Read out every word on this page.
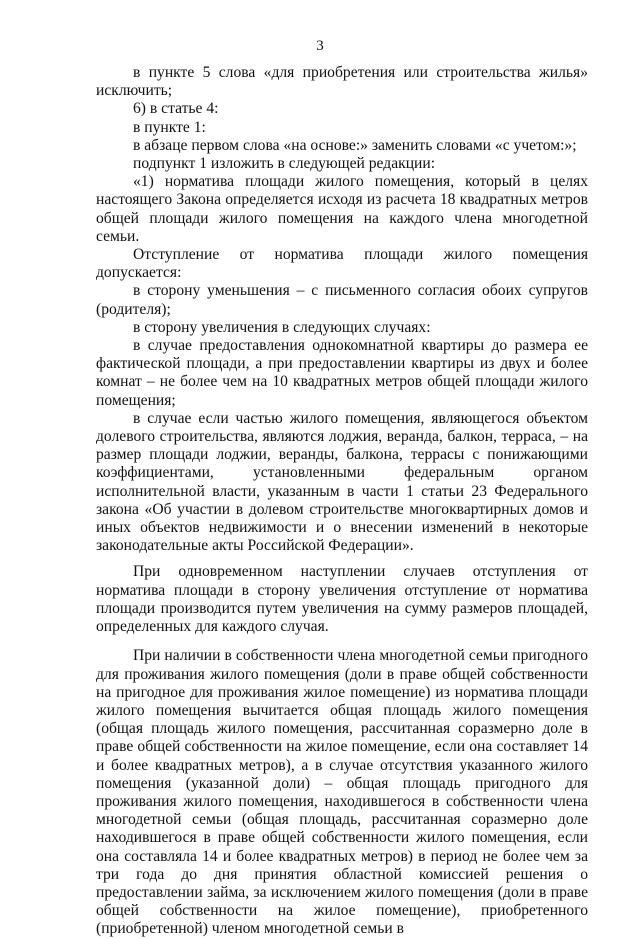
3

в пункте 5 слова «для приобретения или строительства жилья» исключить;

6) в статье 4:

в пункте 1:

в абзаце первом слова «на основе:» заменить словами «с учетом:»;

подпункт 1 изложить в следующей редакции:

«1) норматива площади жилого помещения, который в целях настоящего Закона определяется исходя из расчета 18 квадратных метров общей площади жилого помещения на каждого члена многодетной семьи.

Отступление от норматива площади жилого помещения допускается:

в сторону уменьшения – с письменного согласия обоих супругов (родителя);

в сторону увеличения в следующих случаях:

в случае предоставления однокомнатной квартиры до размера ее фактической площади, а при предоставлении квартиры из двух и более комнат – не более чем на 10 квадратных метров общей площади жилого помещения;

в случае если частью жилого помещения, являющегося объектом долевого строительства, являются лоджия, веранда, балкон, терраса, – на размер площади лоджии, веранды, балкона, террасы с понижающими коэффициентами, установленными федеральным органом исполнительной власти, указанным в части 1 статьи 23 Федерального закона «Об участии в долевом строительстве многоквартирных домов и иных объектов недвижимости и о внесении изменений в некоторые законодательные акты Российской Федерации».

При одновременном наступлении случаев отступления от норматива площади в сторону увеличения отступление от норматива площади производится путем увеличения на сумму размеров площадей, определенных для каждого случая.

При наличии в собственности члена многодетной семьи пригодного для проживания жилого помещения (доли в праве общей собственности на пригодное для проживания жилое помещение) из норматива площади жилого помещения вычитается общая площадь жилого помещения (общая площадь жилого помещения, рассчитанная соразмерно доле в праве общей собственности на жилое помещение, если она составляет 14 и более квадратных метров), а в случае отсутствия указанного жилого помещения (указанной доли) – общая площадь пригодного для проживания жилого помещения, находившегося в собственности члена многодетной семьи (общая площадь, рассчитанная соразмерно доле находившегося в праве общей собственности жилого помещения, если она составляла 14 и более квадратных метров) в период не более чем за три года до дня принятия областной комиссией решения о предоставлении займа, за исключением жилого помещения (доли в праве общей собственности на жилое помещение), приобретенного (приобретенной) членом многодетной семьи в
